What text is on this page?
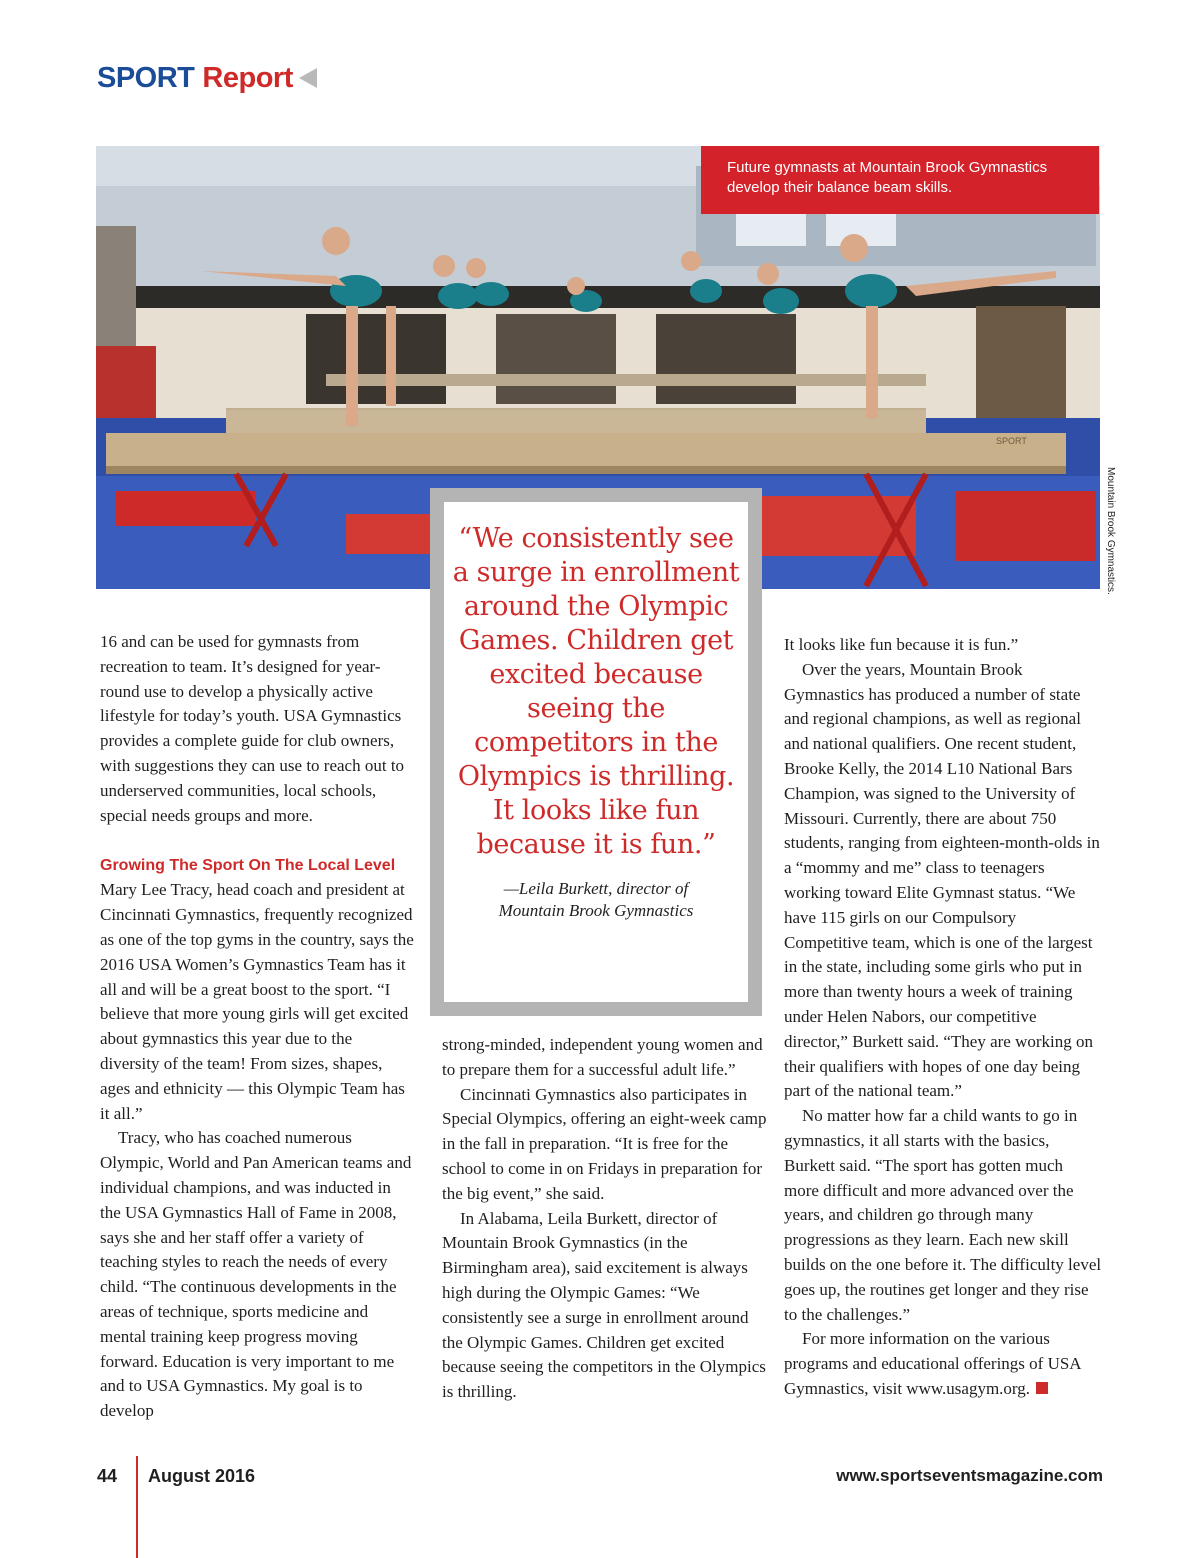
SPORT Report
SPORT
Future gymnasts at Mountain Brook Gymnastics
develop their balance beam skills.
Mountain Brook Gymnastics.
“We consistently see a surge in enrollment around the Olympic Games. Children get excited because seeing the competitors in the Olympics is thrilling. It looks like fun because it is fun.”
—Leila Burkett, director of
Mountain Brook Gymnastics

16 and can be used for gymnasts from recreation to team. It’s designed for year-round use to develop a physically active lifestyle for today’s youth. USA Gymnastics provides a complete guide for club owners, with suggestions they can use to reach out to underserved communities, local schools, special needs groups and more.

Growing The Sport On The Local Level

Mary Lee Tracy, head coach and president at Cincinnati Gymnastics, frequently recognized as one of the top gyms in the country, says the 2016 USA Women’s Gymnastics Team has it all and will be a great boost to the sport. “I believe that more young girls will get excited about gymnastics this year due to the diversity of the team! From sizes, shapes, ages and ethnicity — this Olympic Team has it all.”

Tracy, who has coached numerous Olympic, World and Pan American teams and individual champions, and was inducted in the USA Gymnastics Hall of Fame in 2008, says she and her staff offer a variety of teaching styles to reach the needs of every child. “The continuous developments in the areas of technique, sports medicine and mental training keep progress moving forward. Education is very important to me and to USA Gymnastics. My goal is to develop

strong-minded, independent young women and to prepare them for a successful adult life.”

Cincinnati Gymnastics also participates in Special Olympics, offering an eight-week camp in the fall in preparation. “It is free for the school to come in on Fridays in preparation for the big event,” she said.

In Alabama, Leila Burkett, director of Mountain Brook Gymnastics (in the Birmingham area), said excitement is always high during the Olympic Games: “We consistently see a surge in enrollment around the Olympic Games. Children get excited because seeing the competitors in the Olympics is thrilling.

It looks like fun because it is fun.”

Over the years, Mountain Brook Gymnastics has produced a number of state and regional champions, as well as regional and national qualifiers. One recent student, Brooke Kelly, the 2014 L10 National Bars Champion, was signed to the University of Missouri. Currently, there are about 750 students, ranging from eighteen-month-olds in a “mommy and me” class to teenagers working toward Elite Gymnast status. “We have 115 girls on our Compulsory Competitive team, which is one of the largest in the state, including some girls who put in more than twenty hours a week of training under Helen Nabors, our competitive director,” Burkett said. “They are working on their qualifiers with hopes of one day being part of the national team.”

No matter how far a child wants to go in gymnastics, it all starts with the basics, Burkett said. “The sport has gotten much more difficult and more advanced over the years, and children go through many progressions as they learn. Each new skill builds on the one before it. The difficulty level goes up, the routines get longer and they rise to the challenges.”

For more information on the various programs and educational offerings of USA Gymnastics, visit www.usagym.org.

44 August 2016	www.sportseventsmagazine.com
